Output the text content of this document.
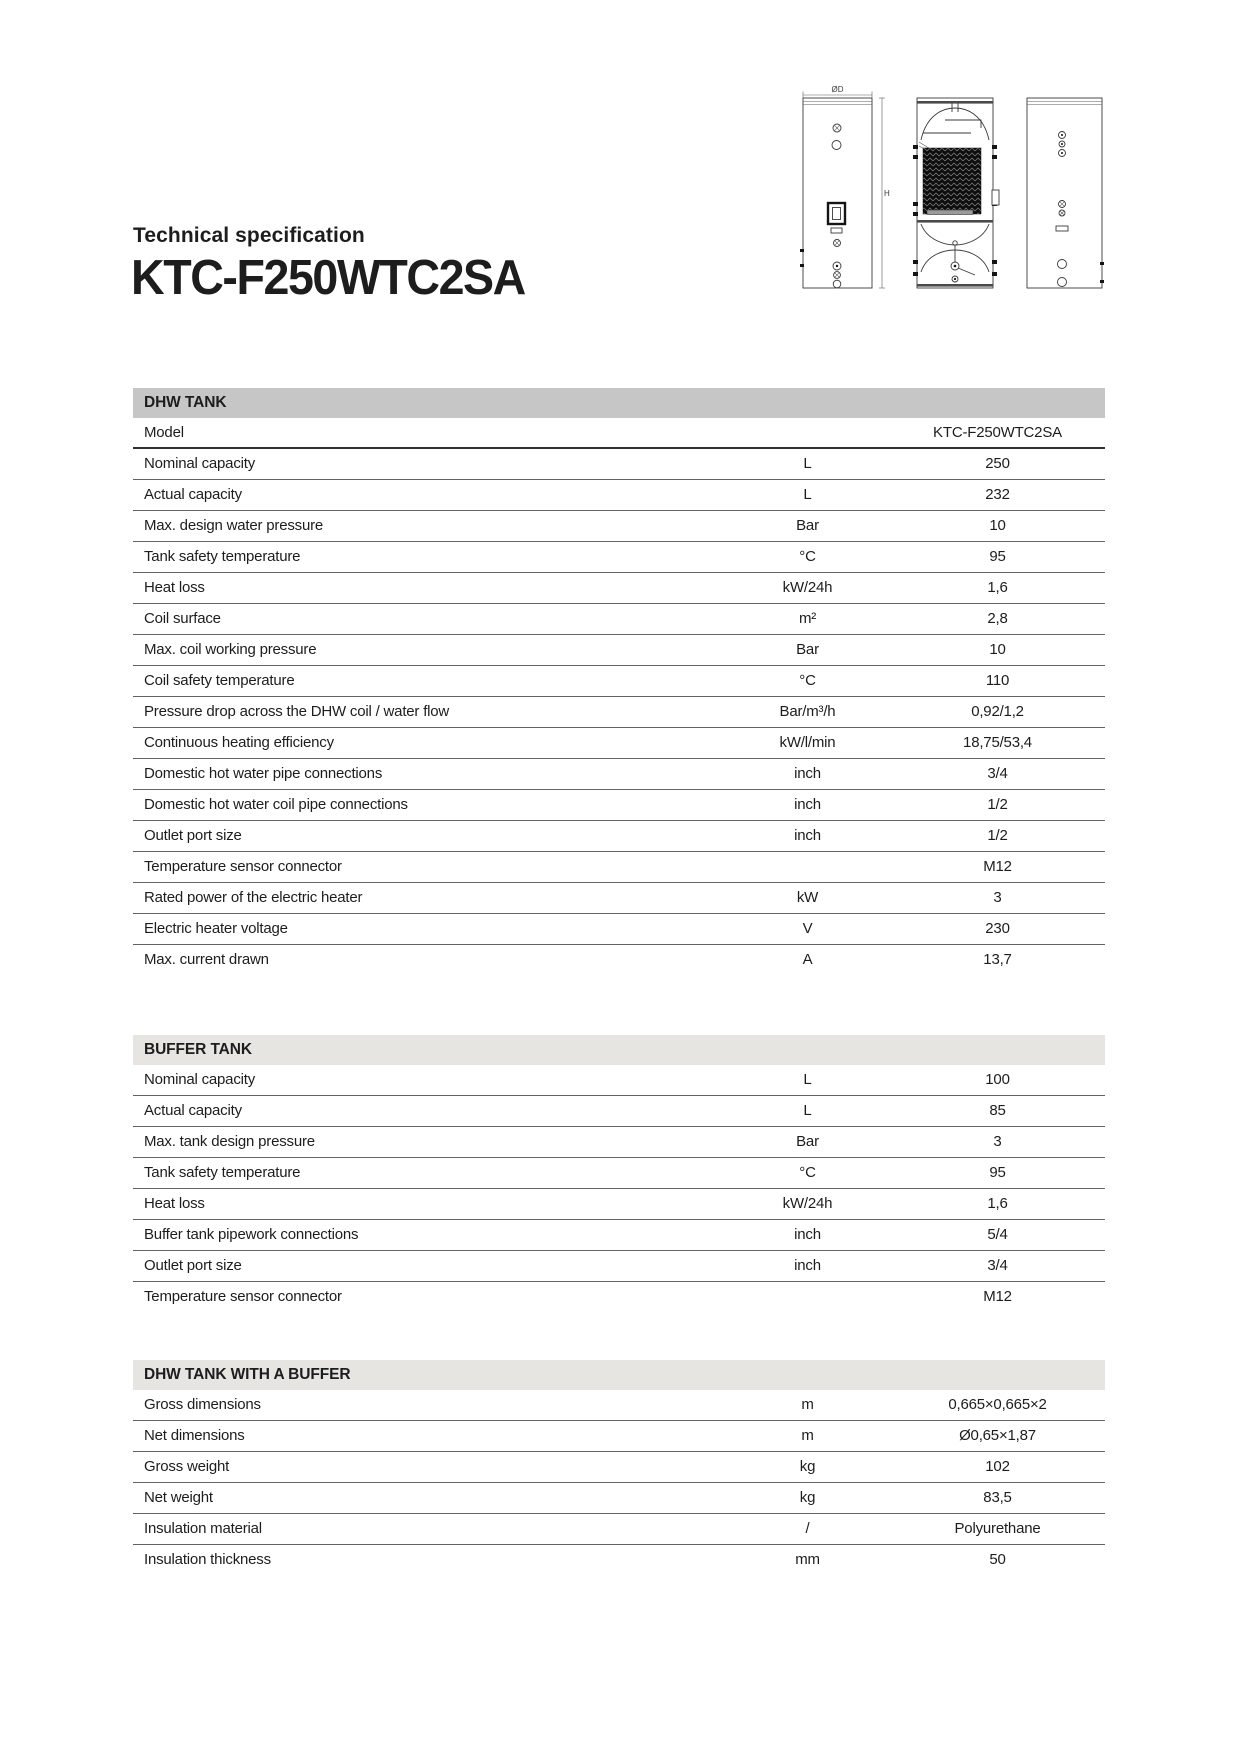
Technical specification
KTC-F250WTC2SA
ØD
H
DHW TANK
Model	KTC-F250WTC2SA
Nominal capacity	L	250
Actual capacity	L	232
Max. design water pressure	Bar	10
Tank safety temperature	°C	95
Heat loss	kW/24h	1,6
Coil surface	m²	2,8
Max. coil working pressure	Bar	10
Coil safety temperature	°C	110
Pressure drop across the DHW coil / water flow	Bar/m³/h	0,92/1,2
Continuous heating efficiency	kW/l/min	18,75/53,4
Domestic hot water pipe connections	inch	3/4
Domestic hot water coil pipe connections	inch	1/2
Outlet port size	inch	1/2
Temperature sensor connector	M12
Rated power of the electric heater	kW	3
Electric heater voltage	V	230
Max. current drawn	A	13,7
BUFFER TANK
Nominal capacity	L	100
Actual capacity	L	85
Max. tank design pressure	Bar	3
Tank safety temperature	°C	95
Heat loss	kW/24h	1,6
Buffer tank pipework connections	inch	5/4
Outlet port size	inch	3/4
Temperature sensor connector	M12
DHW TANK WITH A BUFFER
Gross dimensions	m	0,665×0,665×2
Net dimensions	m	Ø0,65×1,87
Gross weight	kg	102
Net weight	kg	83,5
Insulation material	/	Polyurethane
Insulation thickness	mm	50
